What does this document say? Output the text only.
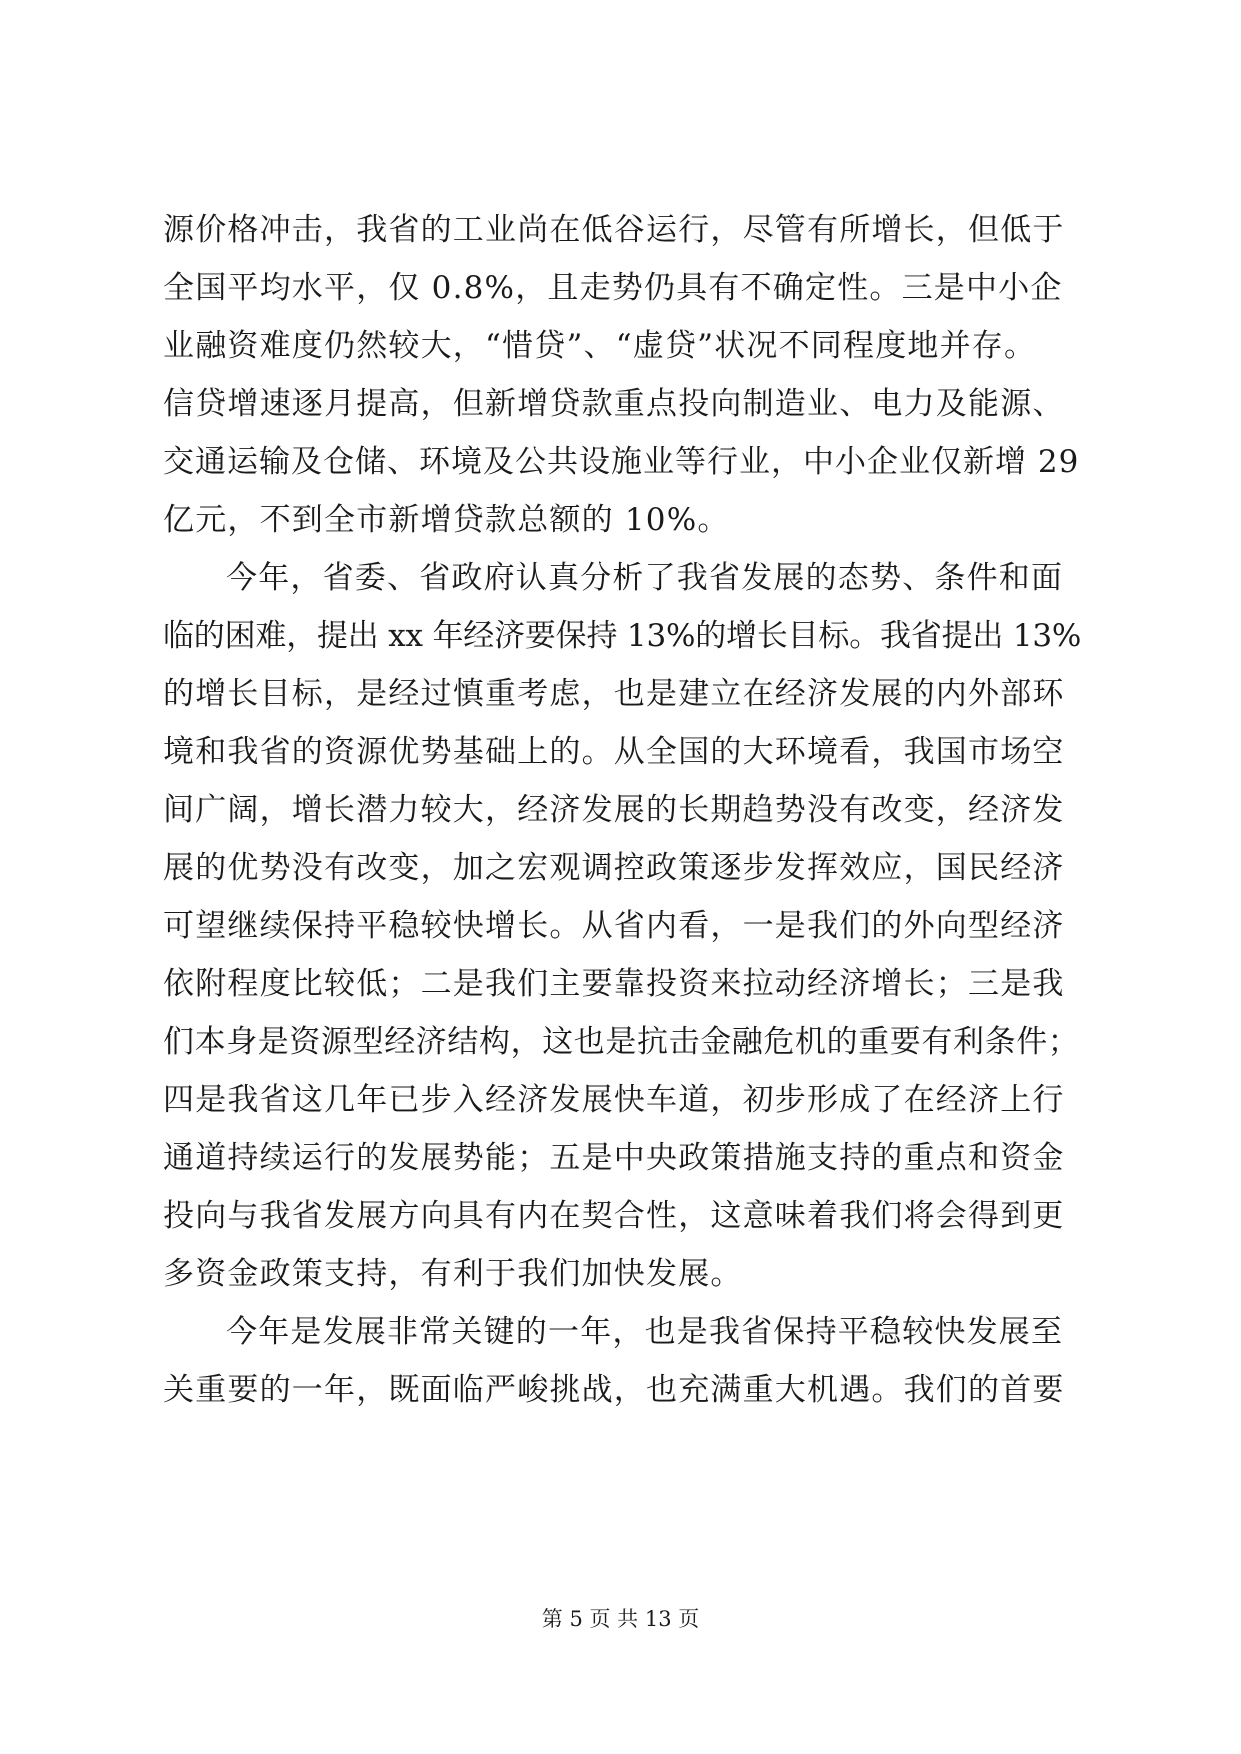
源价格冲击，我省的工业尚在低谷运行，尽管有所增长，但低于
全国平均水平，仅 0.8%，且走势仍具有不确定性。三是中小企
业融资难度仍然较大，“惜贷”、“虚贷”状况不同程度地并存。
信贷增速逐月提高，但新增贷款重点投向制造业、电力及能源、
交通运输及仓储、环境及公共设施业等行业，中小企业仅新增 29
亿元，不到全市新增贷款总额的 10%。
今年，省委、省政府认真分析了我省发展的态势、条件和面
临的困难，提出 xx 年经济要保持 13%的增长目标。我省提出 13%
的增长目标，是经过慎重考虑，也是建立在经济发展的内外部环
境和我省的资源优势基础上的。从全国的大环境看，我国市场空
间广阔，增长潜力较大，经济发展的长期趋势没有改变，经济发
展的优势没有改变，加之宏观调控政策逐步发挥效应，国民经济
可望继续保持平稳较快增长。从省内看，一是我们的外向型经济
依附程度比较低；二是我们主要靠投资来拉动经济增长；三是我
们本身是资源型经济结构，这也是抗击金融危机的重要有利条件；
四是我省这几年已步入经济发展快车道，初步形成了在经济上行
通道持续运行的发展势能；五是中央政策措施支持的重点和资金
投向与我省发展方向具有内在契合性，这意味着我们将会得到更
多资金政策支持，有利于我们加快发展。
今年是发展非常关键的一年，也是我省保持平稳较快发展至
关重要的一年，既面临严峻挑战，也充满重大机遇。我们的首要
第 5 页 共 13 页
